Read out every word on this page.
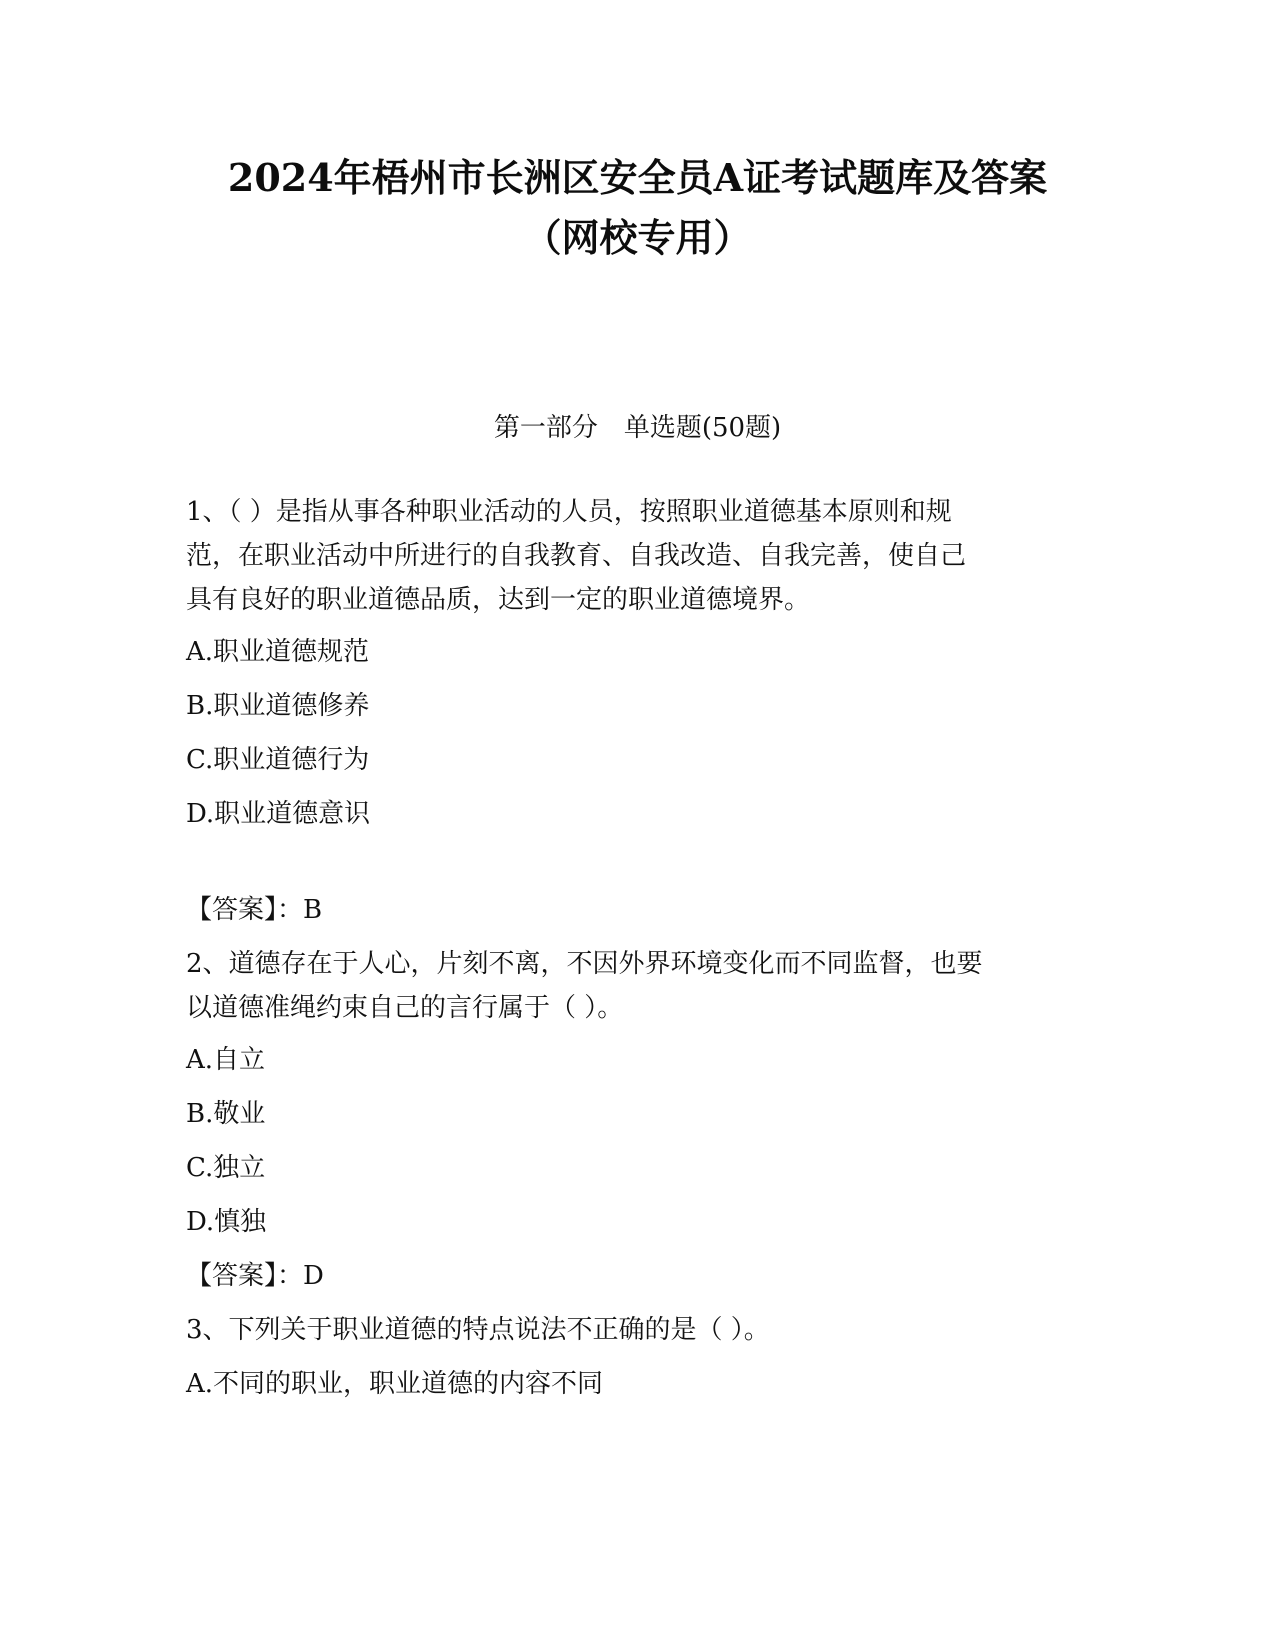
2024年梧州市长洲区安全员A证考试题库及答案
（网校专用）
第一部分　单选题(50题)
1、（ ）是指从事各种职业活动的人员，按照职业道德基本原则和规
范，在职业活动中所进行的自我教育、自我改造、自我完善，使自己
具有良好的职业道德品质，达到一定的职业道德境界。
A.职业道德规范
B.职业道德修养
C.职业道德行为
D.职业道德意识
【答案】：B
2、道德存在于人心，片刻不离，不因外界环境变化而不同监督，也要
以道德准绳约束自己的言行属于（ ）。
A.自立
B.敬业
C.独立
D.慎独
【答案】：D
3、下列关于职业道德的特点说法不正确的是（ ）。
A.不同的职业，职业道德的内容不同
